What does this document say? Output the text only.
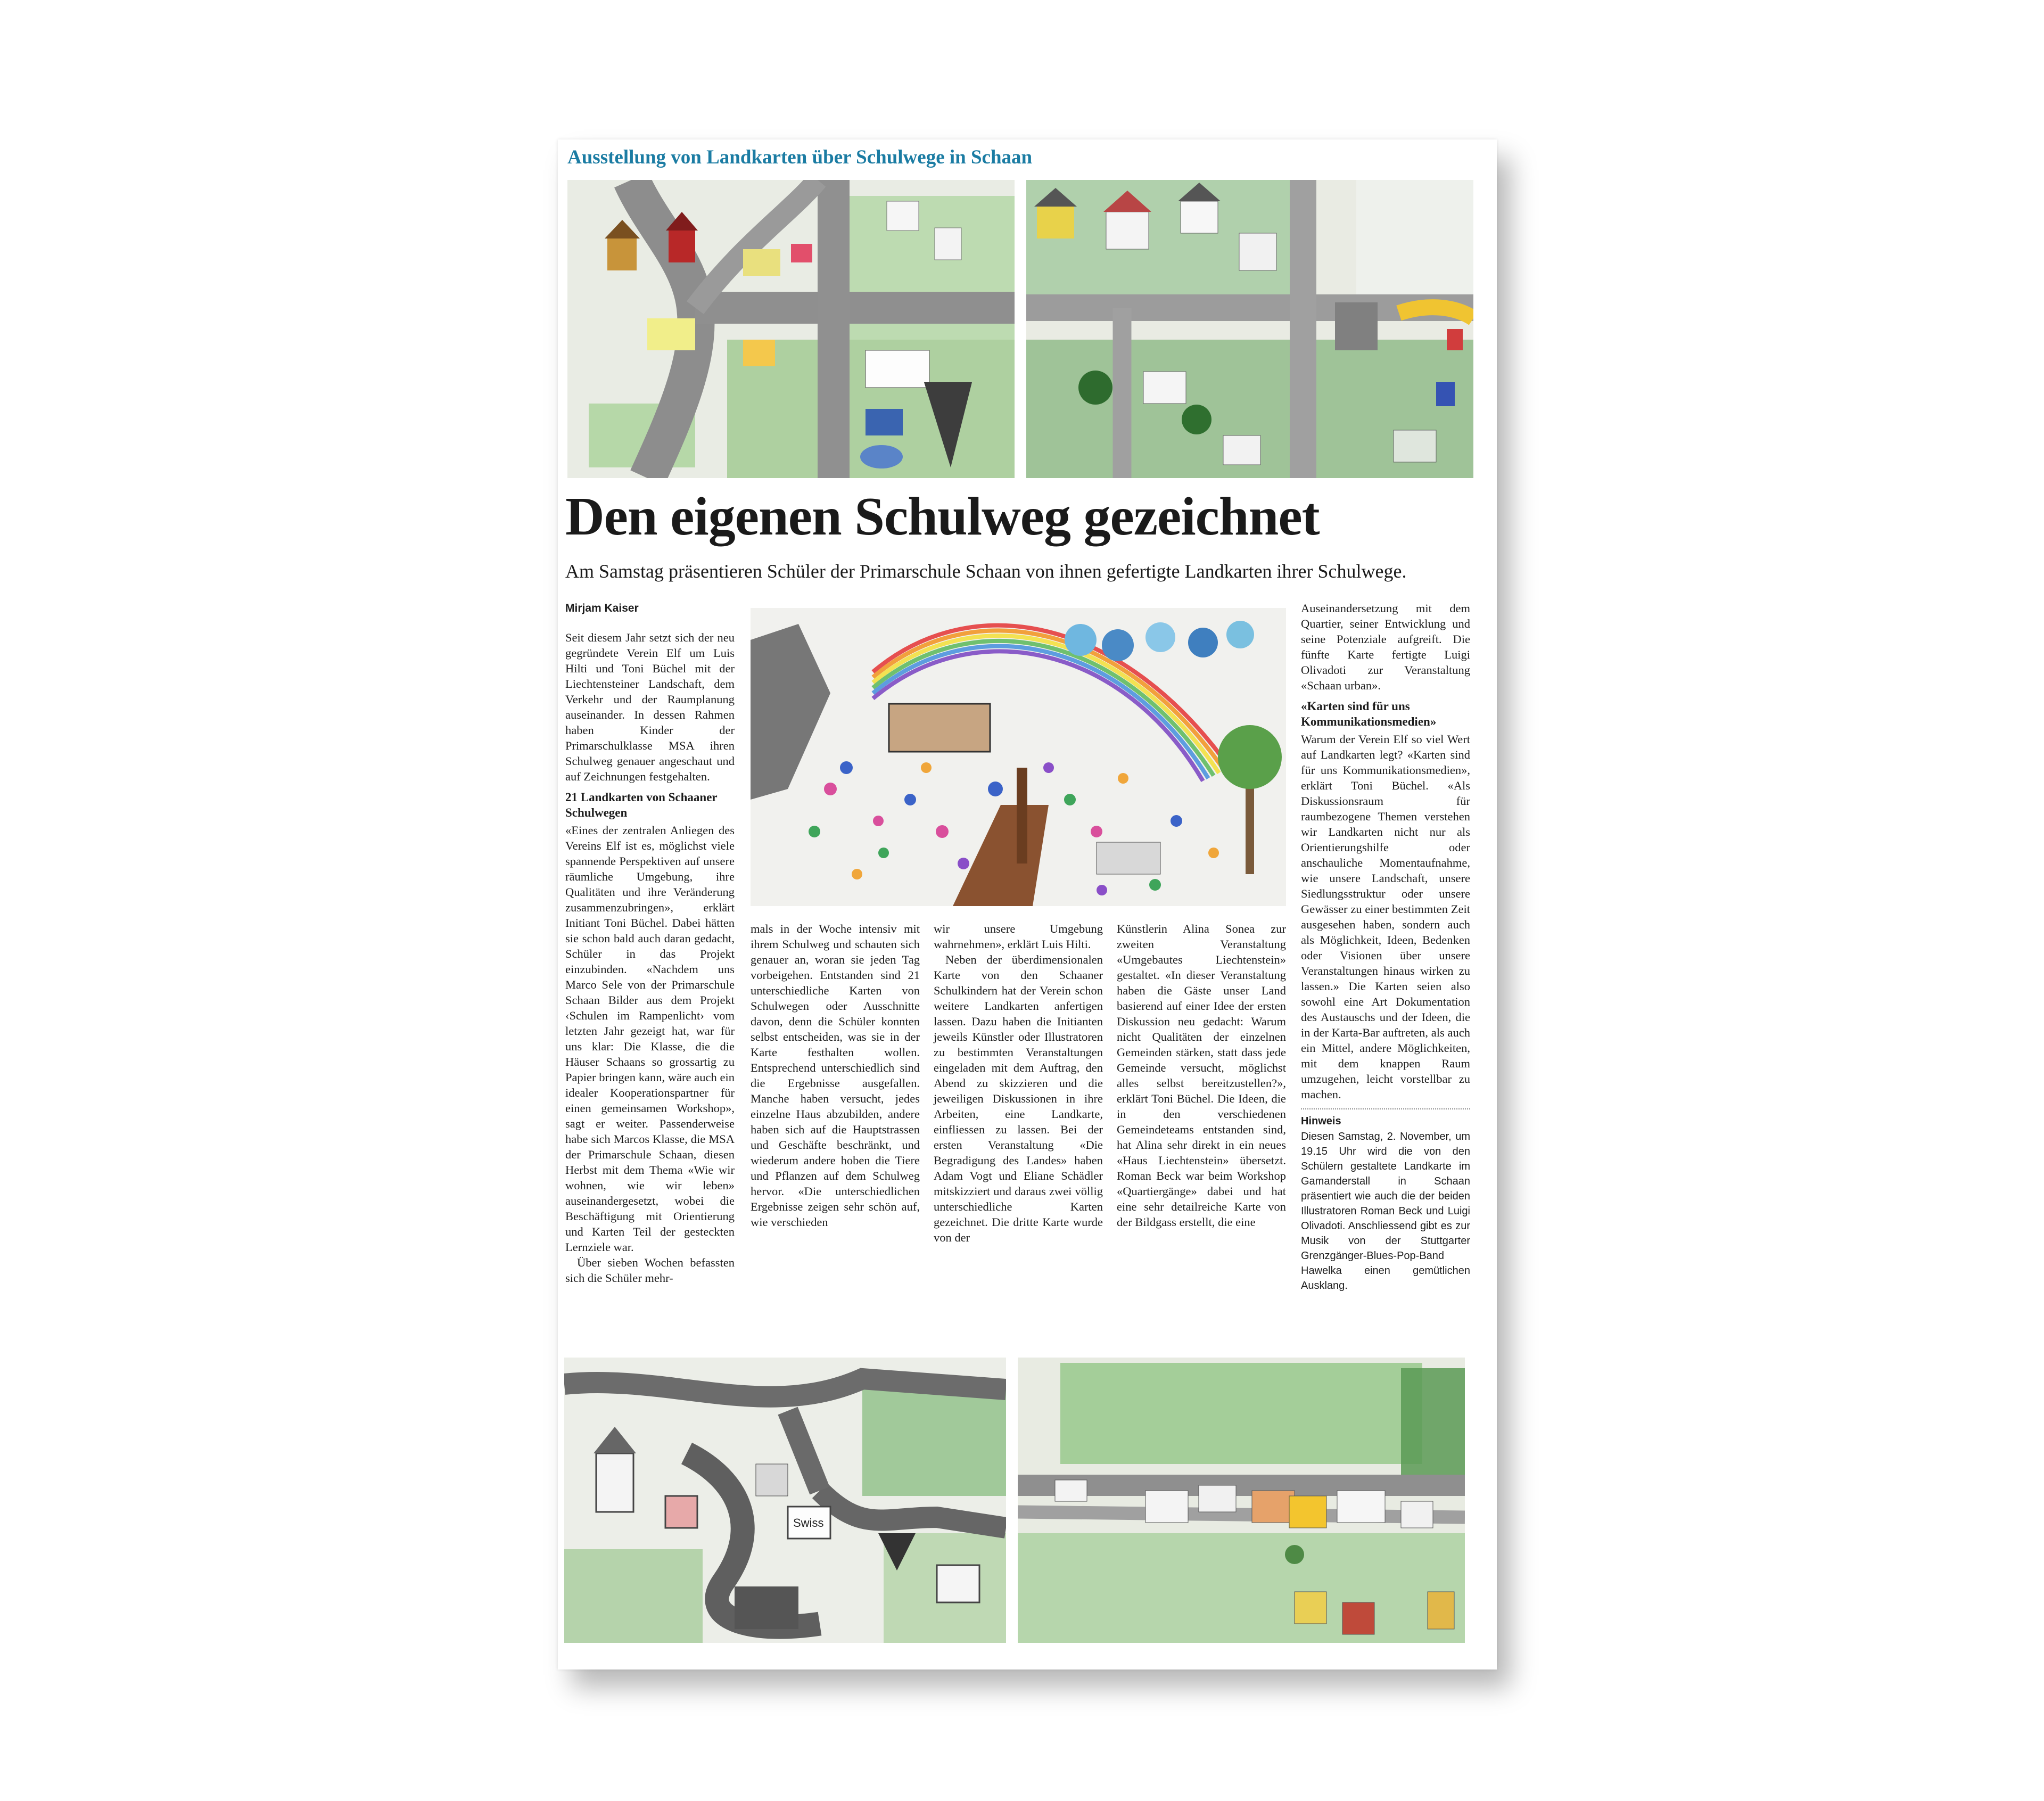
Ausstellung von Landkarten über Schulwege in Schaan
Den eigenen Schulweg gezeichnet
Am Samstag präsentieren Schüler der Primarschule Schaan von ihnen gefertigte Landkarten ihrer Schulwege.
Mirjam Kaiser

Seit diesem Jahr setzt sich der neu gegründete Verein Elf um Luis Hilti und Toni Büchel mit der Liechtensteiner Landschaft, dem Verkehr und der Raumplanung auseinander. In dessen Rahmen haben Kinder der Primarschulklasse MSA ihren Schulweg genauer angeschaut und auf Zeichnungen festgehalten.

21 Landkarten von Schaaner Schulwegen

«Eines der zentralen Anliegen des Vereins Elf ist es, möglichst viele spannende Perspektiven auf unsere räumliche Umgebung, ihre Qualitäten und ihre Veränderung zusammenzubringen», erklärt Initiant Toni Büchel. Dabei hätten sie schon bald auch daran gedacht, Schüler in das Projekt einzubinden. «Nachdem uns Marco Sele von der Primarschule Schaan Bilder aus dem Projekt ‹Schulen im Rampenlicht› vom letzten Jahr gezeigt hat, war für uns klar: Die Klasse, die die Häuser Schaans so grossartig zu Papier bringen kann, wäre auch ein idealer Kooperationspartner für einen gemeinsamen Workshop», sagt er weiter. Passenderweise habe sich Marcos Klasse, die MSA der Primarschule Schaan, diesen Herbst mit dem Thema «Wie wir wohnen, wie wir leben» auseinandergesetzt, wobei die Beschäftigung mit Orientierung und Karten Teil der gesteckten Lernziele war.

Über sieben Wochen befassten sich die Schüler mehr-

mals in der Woche intensiv mit ihrem Schulweg und schauten sich genauer an, woran sie jeden Tag vorbeigehen. Entstanden sind 21 unterschiedliche Karten von Schulwegen oder Ausschnitte davon, denn die Schüler konnten selbst entscheiden, was sie in der Karte festhalten wollen. Entsprechend unterschiedlich sind die Ergebnisse ausgefallen. Manche haben versucht, jedes einzelne Haus abzubilden, andere haben sich auf die Hauptstrassen und Geschäfte beschränkt, und wiederum andere hoben die Tiere und Pflanzen auf dem Schulweg hervor. «Die unterschiedlichen Ergebnisse zeigen sehr schön auf, wie verschieden

wir unsere Umgebung wahrnehmen», erklärt Luis Hilti.

Neben der überdimensionalen Karte von den Schaaner Schulkindern hat der Verein schon weitere Landkarten anfertigen lassen. Dazu haben die Initianten jeweils Künstler oder Illustratoren zu bestimmten Veranstaltungen eingeladen mit dem Auftrag, den Abend zu skizzieren und die jeweiligen Diskussionen in ihre Arbeiten, eine Landkarte, einfliessen zu lassen. Bei der ersten Veranstaltung «Die Begradigung des Landes» haben Adam Vogt und Eliane Schädler mitskizziert und daraus zwei völlig unterschiedliche Karten gezeichnet. Die dritte Karte wurde von der

Künstlerin Alina Sonea zur zweiten Veranstaltung «Umgebautes Liechtenstein» gestaltet. «In dieser Veranstaltung haben die Gäste unser Land basierend auf einer Idee der ersten Diskussion neu gedacht: Warum nicht Qualitäten der einzelnen Gemeinden stärken, statt dass jede Gemeinde versucht, möglichst alles selbst bereitzustellen?», erklärt Toni Büchel. Die Ideen, die in den verschiedenen Gemeindeteams entstanden sind, hat Alina sehr direkt in ein neues «Haus Liechtenstein» übersetzt. Roman Beck war beim Workshop «Quartiergänge» dabei und hat eine sehr detailreiche Karte von der Bildgass erstellt, die eine

Auseinandersetzung mit dem Quartier, seiner Entwicklung und seine Potenziale aufgreift. Die fünfte Karte fertigte Luigi Olivadoti zur Veranstaltung «Schaan urban».

«Karten sind für uns Kommunikationsmedien»

Warum der Verein Elf so viel Wert auf Landkarten legt? «Karten sind für uns Kommunikationsmedien», erklärt Toni Büchel. «Als Diskussionsraum für raumbezogene Themen verstehen wir Landkarten nicht nur als Orientierungshilfe oder anschauliche Momentaufnahme, wie unsere Landschaft, unsere Siedlungsstruktur oder unsere Gewässer zu einer bestimmten Zeit ausgesehen haben, sondern auch als Möglichkeit, Ideen, Bedenken oder Visionen über unsere Veranstaltungen hinaus wirken zu lassen.» Die Karten seien also sowohl eine Art Dokumentation des Austauschs und der Ideen, die in der Karta-Bar auftreten, als auch ein Mittel, andere Möglichkeiten, mit dem knappen Raum umzugehen, leicht vorstellbar zu machen.

Hinweis
Diesen Samstag, 2. November, um 19.15 Uhr wird die von den Schülern gestaltete Landkarte im Gamanderstall in Schaan präsentiert wie auch die der beiden Illustratoren Roman Beck und Luigi Olivadoti. Anschliessend gibt es zur Musik von der Stuttgarter Grenzgänger-Blues-Pop-Band Hawelka einen gemütlichen Ausklang.
Swiss
